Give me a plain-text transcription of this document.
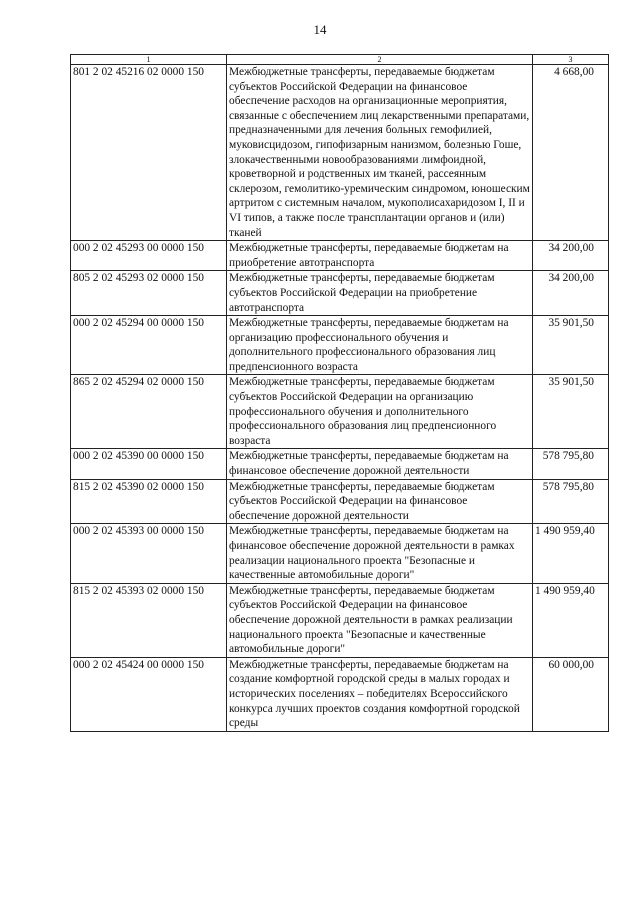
14
1	2	3
801 2 02 45216 02 0000 150	Межбюджетные трансферты, передаваемые бюджетам субъектов Российской Федерации на финансовое обеспечение расходов на организационные мероприятия, связанные с обеспечением лиц лекарственными препаратами, предназначенными для лечения больных гемофилией, муковисцидозом, гипофизарным нанизмом, болезнью Гоше, злокачественными новообразованиями лимфоидной, кроветворной и родственных им тканей, рассеянным склерозом, гемолитико-уремическим синдромом, юношеским артритом с системным началом, мукополисахаридозом I, II и VI типов, а также после трансплантации органов и (или) тканей	4 668,00
000 2 02 45293 00 0000 150	Межбюджетные трансферты, передаваемые бюджетам на приобретение автотранспорта	34 200,00
805 2 02 45293 02 0000 150	Межбюджетные трансферты, передаваемые бюджетам субъектов Российской Федерации на приобретение автотранспорта	34 200,00
000 2 02 45294 00 0000 150	Межбюджетные трансферты, передаваемые бюджетам на организацию профессионального обучения и дополнительного профессионального образования лиц предпенсионного возраста	35 901,50
865 2 02 45294 02 0000 150	Межбюджетные трансферты, передаваемые бюджетам субъектов Российской Федерации на организацию профессионального обучения и дополнительного профессионального образования лиц предпенсионного возраста	35 901,50
000 2 02 45390 00 0000 150	Межбюджетные трансферты, передаваемые бюджетам на финансовое обеспечение дорожной деятельности	578 795,80
815 2 02 45390 02 0000 150	Межбюджетные трансферты, передаваемые бюджетам субъектов Российской Федерации на финансовое обеспечение дорожной деятельности	578 795,80
000 2 02 45393 00 0000 150	Межбюджетные трансферты, передаваемые бюджетам на финансовое обеспечение дорожной деятельности в рамках реализации национального проекта "Безопасные и качественные автомобильные дороги"	1 490 959,40
815 2 02 45393 02 0000 150	Межбюджетные трансферты, передаваемые бюджетам субъектов Российской Федерации на финансовое обеспечение дорожной деятельности в рамках реализации национального проекта "Безопасные и качественные автомобильные дороги"	1 490 959,40
000 2 02 45424 00 0000 150	Межбюджетные трансферты, передаваемые бюджетам на создание комфортной городской среды в малых городах и исторических поселениях – победителях Всероссийского конкурса лучших проектов создания комфортной городской среды	60 000,00
